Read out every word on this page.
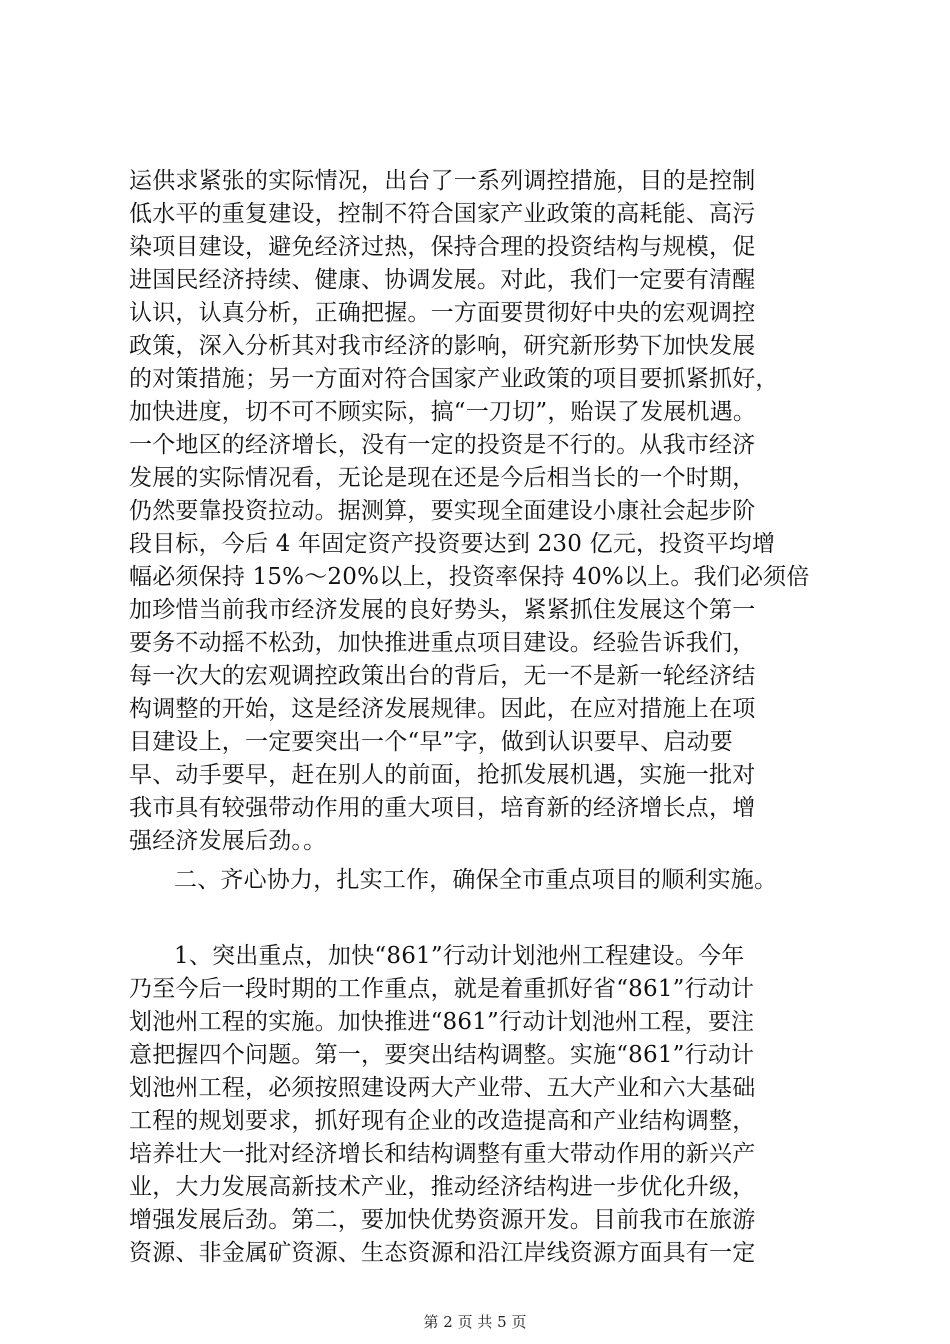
运供求紧张的实际情况，出台了一系列调控措施，目的是控制
低水平的重复建设，控制不符合国家产业政策的高耗能、高污
染项目建设，避免经济过热，保持合理的投资结构与规模，促
进国民经济持续、健康、协调发展。对此，我们一定要有清醒
认识，认真分析，正确把握。一方面要贯彻好中央的宏观调控
政策，深入分析其对我市经济的影响，研究新形势下加快发展
的对策措施；另一方面对符合国家产业政策的项目要抓紧抓好，
加快进度，切不可不顾实际，搞“一刀切”，贻误了发展机遇。
一个地区的经济增长，没有一定的投资是不行的。从我市经济
发展的实际情况看，无论是现在还是今后相当长的一个时期，
仍然要靠投资拉动。据测算，要实现全面建设小康社会起步阶
段目标，今后 4 年固定资产投资要达到 230 亿元，投资平均增
幅必须保持 15%～20%以上，投资率保持 40%以上。我们必须倍
加珍惜当前我市经济发展的良好势头，紧紧抓住发展这个第一
要务不动摇不松劲，加快推进重点项目建设。经验告诉我们，
每一次大的宏观调控政策出台的背后，无一不是新一轮经济结
构调整的开始，这是经济发展规律。因此，在应对措施上在项
目建设上，一定要突出一个“早”字，做到认识要早、启动要
早、动手要早，赶在别人的前面，抢抓发展机遇，实施一批对
我市具有较强带动作用的重大项目，培育新的经济增长点，增
强经济发展后劲。。
二、齐心协力，扎实工作，确保全市重点项目的顺利实施。
1、突出重点，加快“861”行动计划池州工程建设。今年
乃至今后一段时期的工作重点，就是着重抓好省“861”行动计
划池州工程的实施。加快推进“861”行动计划池州工程，要注
意把握四个问题。第一，要突出结构调整。实施“861”行动计
划池州工程，必须按照建设两大产业带、五大产业和六大基础
工程的规划要求，抓好现有企业的改造提高和产业结构调整，
培养壮大一批对经济增长和结构调整有重大带动作用的新兴产
业，大力发展高新技术产业，推动经济结构进一步优化升级，
增强发展后劲。第二，要加快优势资源开发。目前我市在旅游
第 2 页 共 5 页
资源、非金属矿资源、生态资源和沿江岸线资源方面具有一定
